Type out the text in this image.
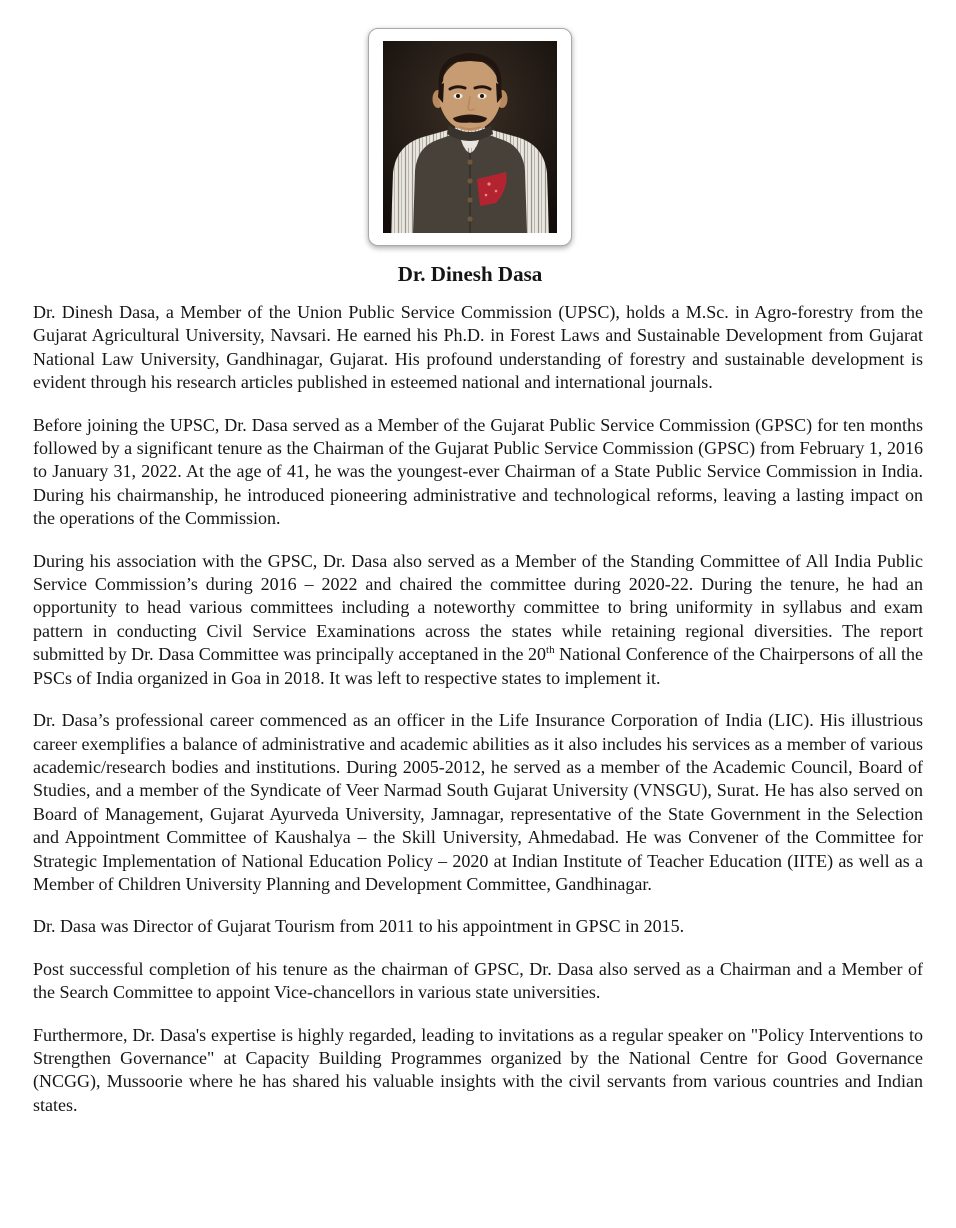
Dr. Dinesh Dasa

Dr. Dinesh Dasa, a Member of the Union Public Service Commission (UPSC), holds a M.Sc. in Agro-forestry from the Gujarat Agricultural University, Navsari. He earned his Ph.D. in Forest Laws and Sustainable Development from Gujarat National Law University, Gandhinagar, Gujarat. His profound understanding of forestry and sustainable development is evident through his research articles published in esteemed national and international journals.

Before joining the UPSC, Dr. Dasa served as a Member of the Gujarat Public Service Commission (GPSC) for ten months followed by a significant tenure as the Chairman of the Gujarat Public Service Commission (GPSC) from February 1, 2016 to January 31, 2022. At the age of 41, he was the youngest-ever Chairman of a State Public Service Commission in India. During his chairmanship, he introduced pioneering administrative and technological reforms, leaving a lasting impact on the operations of the Commission.

During his association with the GPSC, Dr. Dasa also served as a Member of the Standing Committee of All India Public Service Commission’s during 2016 – 2022 and chaired the committee during 2020-22. During the tenure, he had an opportunity to head various committees including a noteworthy committee to bring uniformity in syllabus and exam pattern in conducting Civil Service Examinations across the states while retaining regional diversities. The report submitted by Dr. Dasa Committee was principally acceptaned in the 20th National Conference of the Chairpersons of all the PSCs of India organized in Goa in 2018. It was left to respective states to implement it.

Dr. Dasa’s professional career commenced as an officer in the Life Insurance Corporation of India (LIC). His illustrious career exemplifies a balance of administrative and academic abilities as it also includes his services as a member of various academic/research bodies and institutions. During 2005-2012, he served as a member of the Academic Council, Board of Studies, and a member of the Syndicate of Veer Narmad South Gujarat University (VNSGU), Surat. He has also served on Board of Management, Gujarat Ayurveda University, Jamnagar, representative of the State Government in the Selection and Appointment Committee of Kaushalya – the Skill University, Ahmedabad. He was Convener of the Committee for Strategic Implementation of National Education Policy – 2020 at Indian Institute of Teacher Education (IITE) as well as a Member of Children University Planning and Development Committee, Gandhinagar.

Dr. Dasa was Director of Gujarat Tourism from 2011 to his appointment in GPSC in 2015.

Post successful completion of his tenure as the chairman of GPSC, Dr. Dasa also served as a Chairman and a Member of the Search Committee to appoint Vice-chancellors in various state universities.

Furthermore, Dr. Dasa's expertise is highly regarded, leading to invitations as a regular speaker on "Policy Interventions to Strengthen Governance" at Capacity Building Programmes organized by the National Centre for Good Governance (NCGG), Mussoorie where he has shared his valuable insights with the civil servants from various countries and Indian states.
